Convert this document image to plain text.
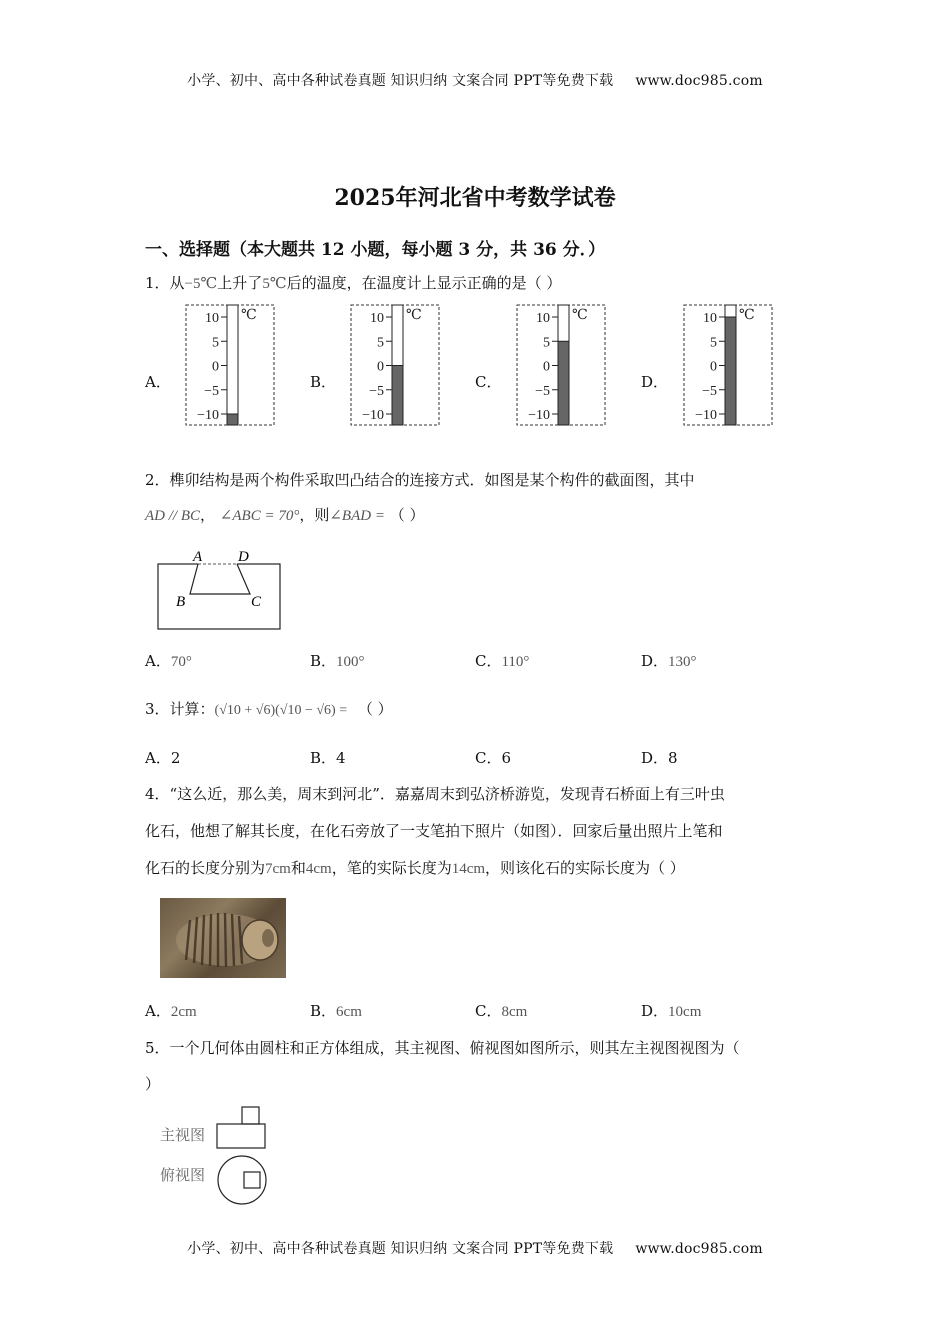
小学、初中、高中各种试卷真题 知识归纳 文案合同 PPT等免费下载 www.doc985.com
2025年河北省中考数学试卷
一、选择题（本大题共 12 小题，每小题 3 分，共 36 分．）
1．从−5℃上升了5℃后的温度，在温度计上显示正确的是（ ）
A．	B．	C．	D．
10
5
0
−5
−10
℃	10
5
0
−5
−10
℃	10
5
0
−5
−10
℃	10
5
0
−5
−10
℃
2．榫卯结构是两个构件采取凹凸结合的连接方式．如图是某个构件的截面图，其中
AD // BC， ∠ABC = 70°，则∠BAD = （ ）
A D
B	C
A．70°	B．100°	C．110°	D．130°
3．计算：(√10 + √6)(√10 − √6) = （ ）
A．2	B．4	C．6	D．8
4．“这么近，那么美，周末到河北”．嘉嘉周末到弘济桥游览，发现青石桥面上有三叶虫
化石，他想了解其长度，在化石旁放了一支笔拍下照片（如图）．回家后量出照片上笔和
化石的长度分别为7cm和4cm，笔的实际长度为14cm，则该化石的实际长度为（ ）
A．2cm	B．6cm	C．8cm	D．10cm
5．一个几何体由圆柱和正方体组成，其主视图、俯视图如图所示，则其左主视图视图为（
）
主视图
俯视图
小学、初中、高中各种试卷真题 知识归纳 文案合同 PPT等免费下载 www.doc985.com
